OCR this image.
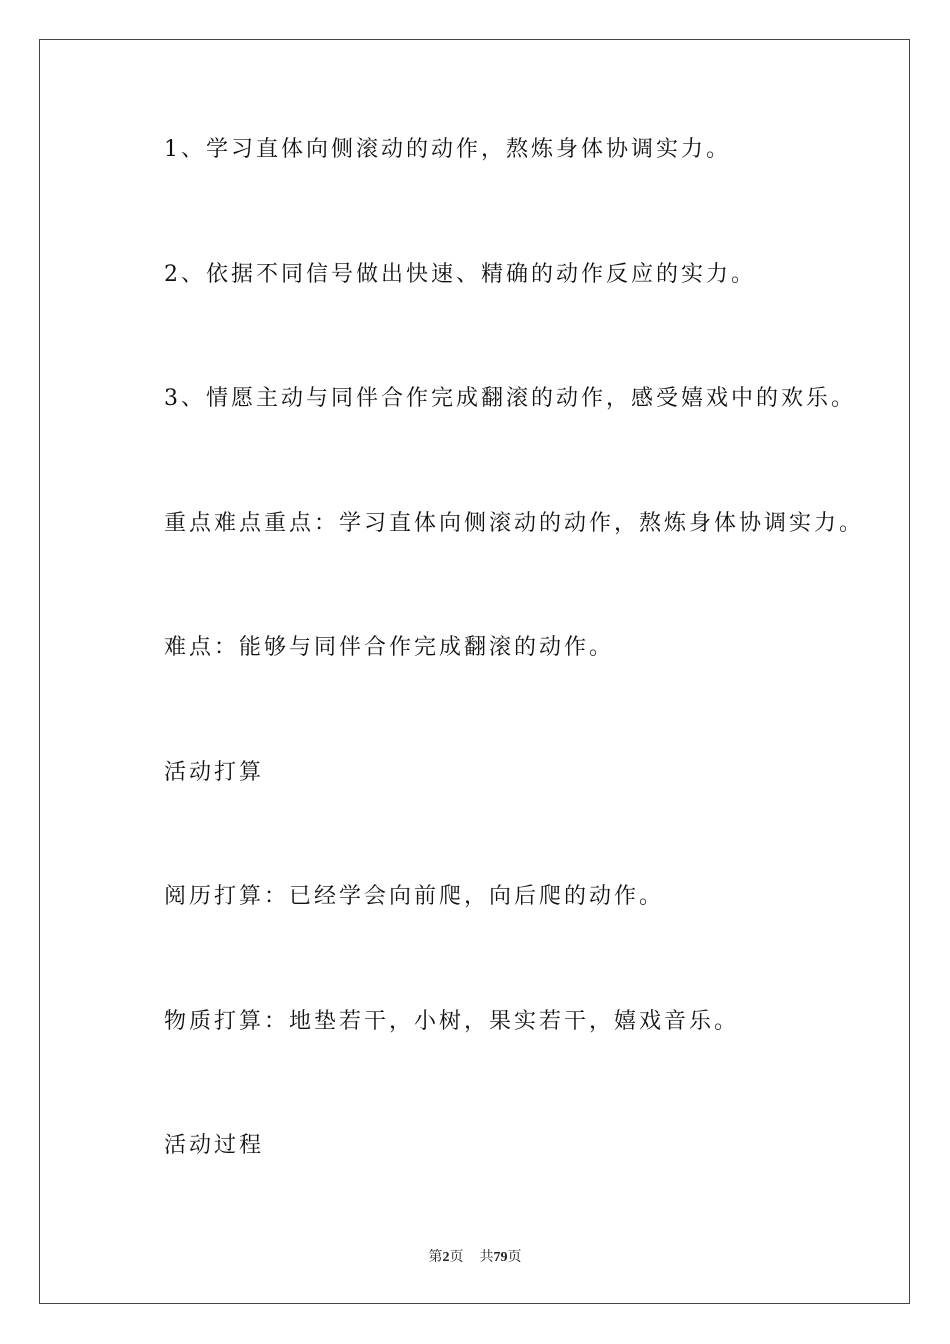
1、学习直体向侧滚动的动作，熬炼身体协调实力。

2、依据不同信号做出快速、精确的动作反应的实力。

3、情愿主动与同伴合作完成翻滚的动作，感受嬉戏中的欢乐。

重点难点重点：学习直体向侧滚动的动作，熬炼身体协调实力。

难点：能够与同伴合作完成翻滚的动作。

活动打算

阅历打算：已经学会向前爬，向后爬的动作。

物质打算：地垫若干，小树，果实若干，嬉戏音乐。

活动过程

第2页 共79页
